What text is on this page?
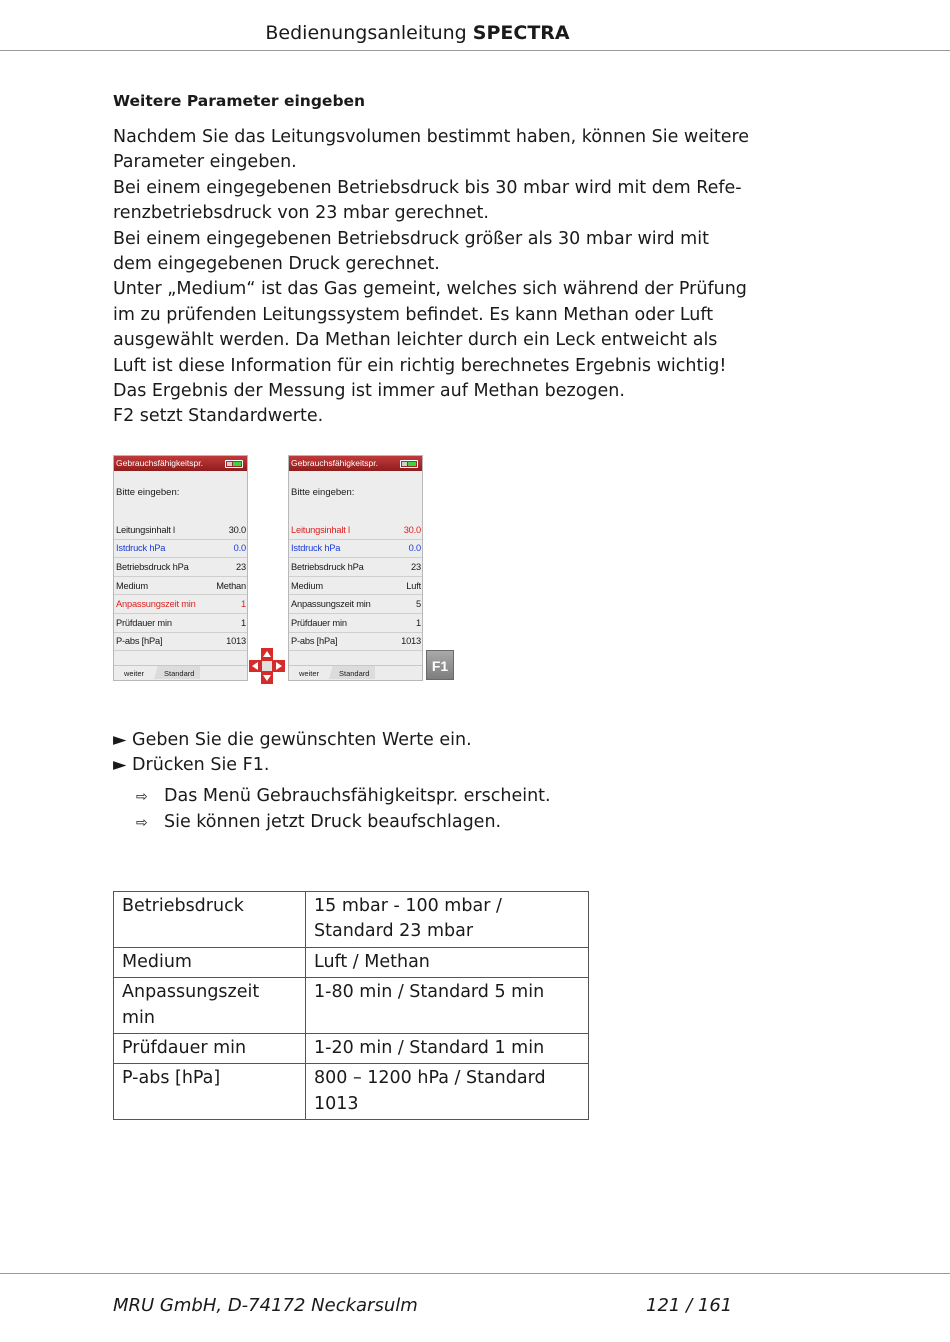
Bedienungsanleitung SPECTRA
Weitere Parameter eingeben
Nachdem Sie das Leitungsvolumen bestimmt haben, können Sie weitere
Parameter eingeben.
Bei einem eingegebenen Betriebsdruck bis 30 mbar wird mit dem Refe-
renzbetriebsdruck von 23 mbar gerechnet.
Bei einem eingegebenen Betriebsdruck größer als 30 mbar wird mit
dem eingegebenen Druck gerechnet.
Unter „Medium“ ist das Gas gemeint, welches sich während der Prüfung
im zu prüfenden Leitungssystem befindet. Es kann Methan oder Luft
ausgewählt werden. Da Methan leichter durch ein Leck entweicht als
Luft ist diese Information für ein richtig berechnetes Ergebnis wichtig!
Das Ergebnis der Messung ist immer auf Methan bezogen.
F2 setzt Standardwerte.
Gebrauchsfähigkeitspr.
Bitte eingeben:
Leitungsinhalt l	30.0
Istdruck hPa	0.0
Betriebsdruck hPa	23
Medium	Methan
Anpassungszeit min	1
Prüfdauer min	1
P-abs [hPa]	1013
weiter	Standard
Gebrauchsfähigkeitspr.
Bitte eingeben:
Leitungsinhalt l	30.0
Istdruck hPa	0.0
Betriebsdruck hPa	23
Medium	Luft
Anpassungszeit min	5
Prüfdauer min	1
P-abs [hPa]	1013
weiter	Standard	F1
► Geben Sie die gewünschten Werte ein.
► Drücken Sie F1.
⇨ Das Menü Gebrauchsfähigkeitspr. erscheint.
⇨ Sie können jetzt Druck beaufschlagen.
Betriebsdruck	15 mbar - 100 mbar / Standard 23 mbar
Medium	Luft / Methan
Anpassungszeit min	1-80 min / Standard 5 min
Prüfdauer min	1-20 min / Standard 1 min
P-abs [hPa]	800 – 1200 hPa / Standard 1013
MRU GmbH, D-74172 Neckarsulm	121 / 161
